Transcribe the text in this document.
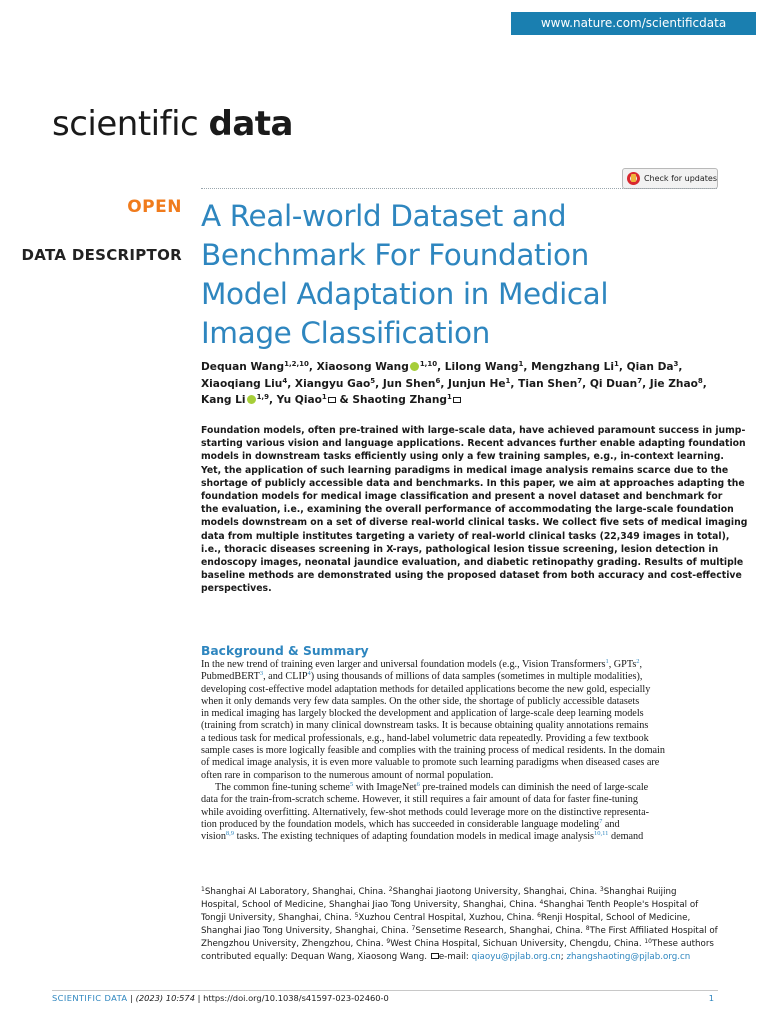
www.nature.com/scientificdata
scientific data
Check for updates
OPEN
DATA DESCRIPTOR
A Real-world Dataset and
Benchmark For Foundation
Model Adaptation in Medical
Image Classification
Dequan Wang$^{1,2,10}$, Xiaosong Wang $^{1,10}$, Lilong Wang$^1$, Mengzhang Li$^1$, Qian Da$^3$,
Xiaoqiang Liu$^4$, Xiangyu Gao$^5$, Jun Shen$^6$, Junjun He$^1$, Tian Shen$^7$, Qi Duan$^7$, Jie Zhao$^8$,
Kang Li $^{1,9}$, Yu Qiao$^1$ & Shaoting Zhang$^1$
Foundation models, often pre-trained with large-scale data, have achieved paramount success in jump-
starting various vision and language applications. Recent advances further enable adapting foundation
models in downstream tasks efficiently using only a few training samples, e.g., in-context learning.
Yet, the application of such learning paradigms in medical image analysis remains scarce due to the
shortage of publicly accessible data and benchmarks. In this paper, we aim at approaches adapting the
foundation models for medical image classification and present a novel dataset and benchmark for
the evaluation, i.e., examining the overall performance of accommodating the large-scale foundation
models downstream on a set of diverse real-world clinical tasks. We collect five sets of medical imaging
data from multiple institutes targeting a variety of real-world clinical tasks (22,349 images in total),
i.e., thoracic diseases screening in X-rays, pathological lesion tissue screening, lesion detection in
endoscopy images, neonatal jaundice evaluation, and diabetic retinopathy grading. Results of multiple
baseline methods are demonstrated using the proposed dataset from both accuracy and cost-effective
perspectives.
Background & Summary
In the new trend of training even larger and universal foundation models (e.g., Vision Transformers$^1$, GPTs$^2$,
PubmedBERT$^3$, and CLIP$^4$) using thousands of millions of data samples (sometimes in multiple modalities),
developing cost-effective model adaptation methods for detailed applications become the new gold, especially
when it only demands very few data samples. On the other side, the shortage of publicly accessible datasets
in medical imaging has largely blocked the development and application of large-scale deep learning models
(training from scratch) in many clinical downstream tasks. It is because obtaining quality annotations remains
a tedious task for medical professionals, e.g., hand-label volumetric data repeatedly. Providing a few textbook
sample cases is more logically feasible and complies with the training process of medical residents. In the domain
of medical image analysis, it is even more valuable to promote such learning paradigms when diseased cases are
often rare in comparison to the numerous amount of normal population.
The common fine-tuning scheme$^5$ with ImageNet$^6$ pre-trained models can diminish the need of large-scale
data for the train-from-scratch scheme. However, it still requires a fair amount of data for faster fine-tuning
while avoiding overfitting. Alternatively, few-shot methods could leverage more on the distinctive representa-
tion produced by the foundation models, which has succeeded in considerable language modeling$^7$ and
vision$^{8,9}$ tasks. The existing techniques of adapting foundation models in medical image analysis$^{10,11}$ demand
$^1$Shanghai AI Laboratory, Shanghai, China. $^2$Shanghai Jiaotong University, Shanghai, China. $^3$Shanghai Ruijing
Hospital, School of Medicine, Shanghai Jiao Tong University, Shanghai, China. $^4$Shanghai Tenth People's Hospital of
Tongji University, Shanghai, China. $^5$Xuzhou Central Hospital, Xuzhou, China. $^6$Renji Hospital, School of Medicine,
Shanghai Jiao Tong University, Shanghai, China. $^7$Sensetime Research, Shanghai, China. $^8$The First Affiliated Hospital of
Zhengzhou University, Zhengzhou, China. $^9$West China Hospital, Sichuan University, Chengdu, China. $^{10}$These authors
contributed equally: Dequan Wang, Xiaosong Wang. e-mail: qiaoyu@pjlab.org.cn; zhangshaoting@pjlab.org.cn
SCIENTIFIC DATA | (2023) 10:574 | https://doi.org/10.1038/s41597-023-02460-0	1
